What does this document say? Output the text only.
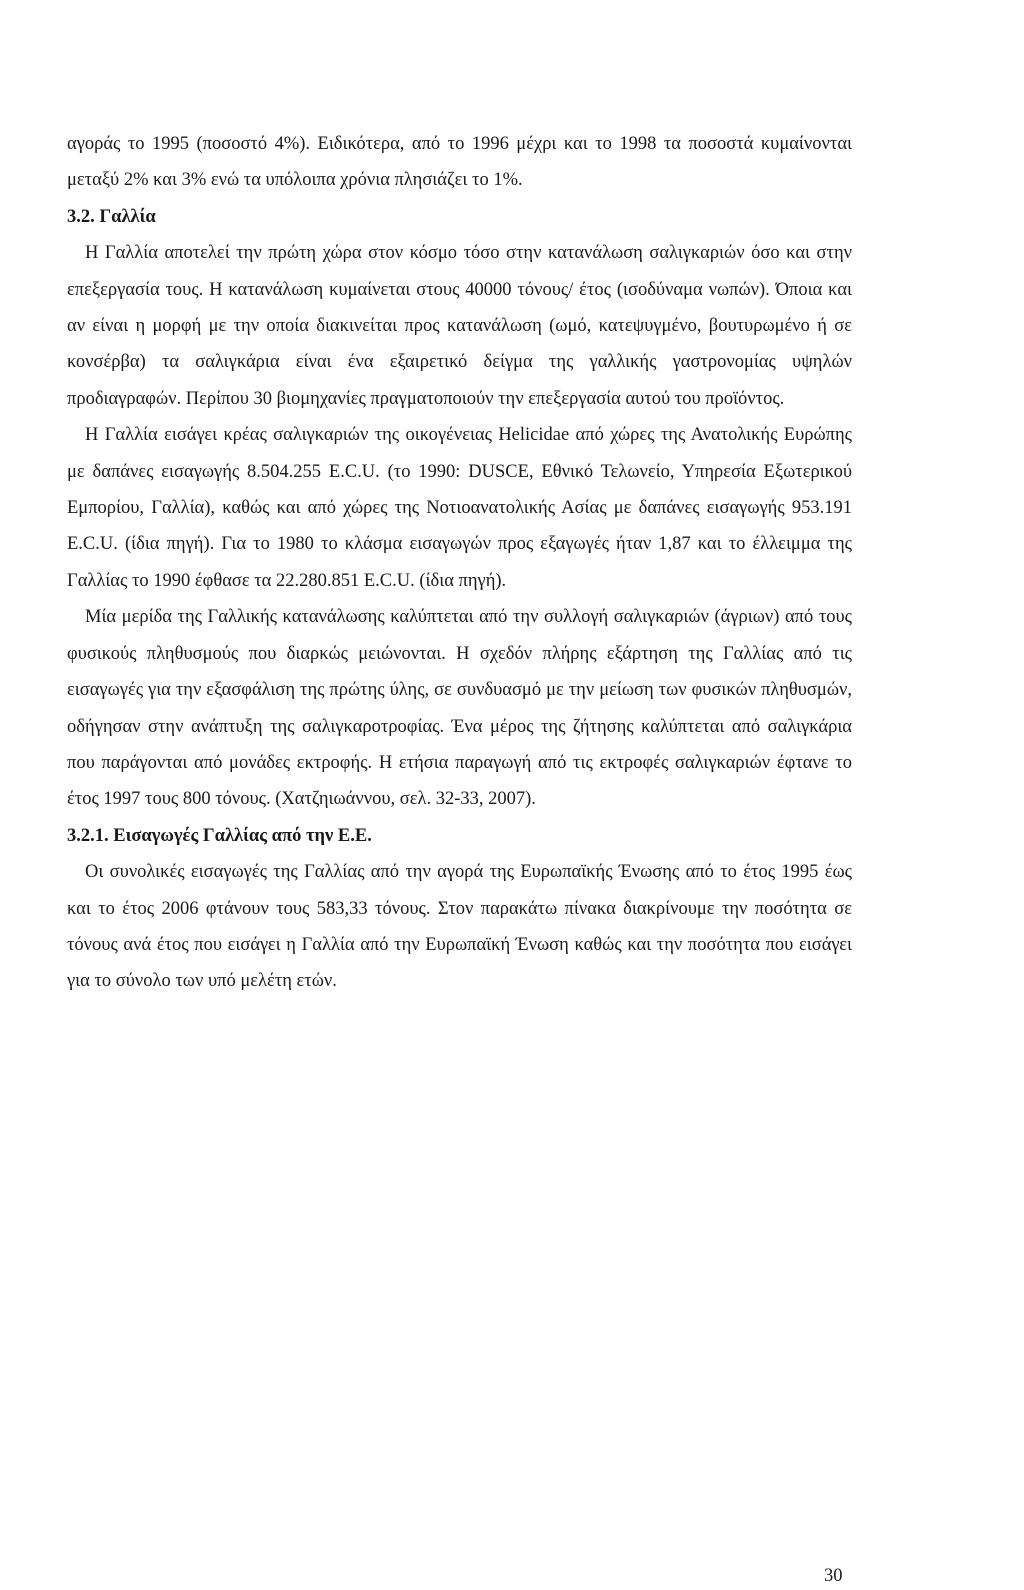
αγοράς το 1995 (ποσοστό 4%). Ειδικότερα, από το 1996 μέχρι και το 1998 τα ποσοστά κυμαίνονται μεταξύ 2% και 3% ενώ τα υπόλοιπα χρόνια πλησιάζει το 1%.

3.2. Γαλλία

Η Γαλλία αποτελεί την πρώτη χώρα στον κόσμο τόσο στην κατανάλωση σαλιγκαριών όσο και στην επεξεργασία τους. Η κατανάλωση κυμαίνεται στους 40000 τόνους/ έτος (ισοδύναμα νωπών). Όποια και αν είναι η μορφή με την οποία διακινείται προς κατανάλωση (ωμό, κατεψυγμένο, βουτυρωμένο ή σε κονσέρβα) τα σαλιγκάρια είναι ένα εξαιρετικό δείγμα της γαλλικής γαστρονομίας υψηλών προδιαγραφών. Περίπου 30 βιομηχανίες πραγματοποιούν την επεξεργασία αυτού του προϊόντος.

Η Γαλλία εισάγει κρέας σαλιγκαριών της οικογένειας Helicidae από χώρες της Ανατολικής Ευρώπης με δαπάνες εισαγωγής 8.504.255 E.C.U. (το 1990: DUSCE, Εθνικό Τελωνείο, Υπηρεσία Εξωτερικού Εμπορίου, Γαλλία), καθώς και από χώρες της Νοτιοανατολικής Ασίας με δαπάνες εισαγωγής 953.191 E.C.U. (ίδια πηγή). Για το 1980 το κλάσμα εισαγωγών προς εξαγωγές ήταν 1,87 και το έλλειμμα της Γαλλίας το 1990 έφθασε τα 22.280.851 E.C.U. (ίδια πηγή).

Μία μερίδα της Γαλλικής κατανάλωσης καλύπτεται από την συλλογή σαλιγκαριών (άγριων) από τους φυσικούς πληθυσμούς που διαρκώς μειώνονται. Η σχεδόν πλήρης εξάρτηση της Γαλλίας από τις εισαγωγές για την εξασφάλιση της πρώτης ύλης, σε συνδυασμό με την μείωση των φυσικών πληθυσμών, οδήγησαν στην ανάπτυξη της σαλιγκαροτροφίας. Ένα μέρος της ζήτησης καλύπτεται από σαλιγκάρια που παράγονται από μονάδες εκτροφής. Η ετήσια παραγωγή από τις εκτροφές σαλιγκαριών έφτανε το έτος 1997 τους 800 τόνους. (Χατζηιωάννου, σελ. 32-33, 2007).

3.2.1. Εισαγωγές Γαλλίας από την Ε.Ε.

Οι συνολικές εισαγωγές της Γαλλίας από την αγορά της Ευρωπαϊκής Ένωσης από το έτος 1995 έως και το έτος 2006 φτάνουν τους 583,33 τόνους. Στον παρακάτω πίνακα διακρίνουμε την ποσότητα σε τόνους ανά έτος που εισάγει η Γαλλία από την Ευρωπαϊκή Ένωση καθώς και την ποσότητα που εισάγει για το σύνολο των υπό μελέτη ετών.

30
